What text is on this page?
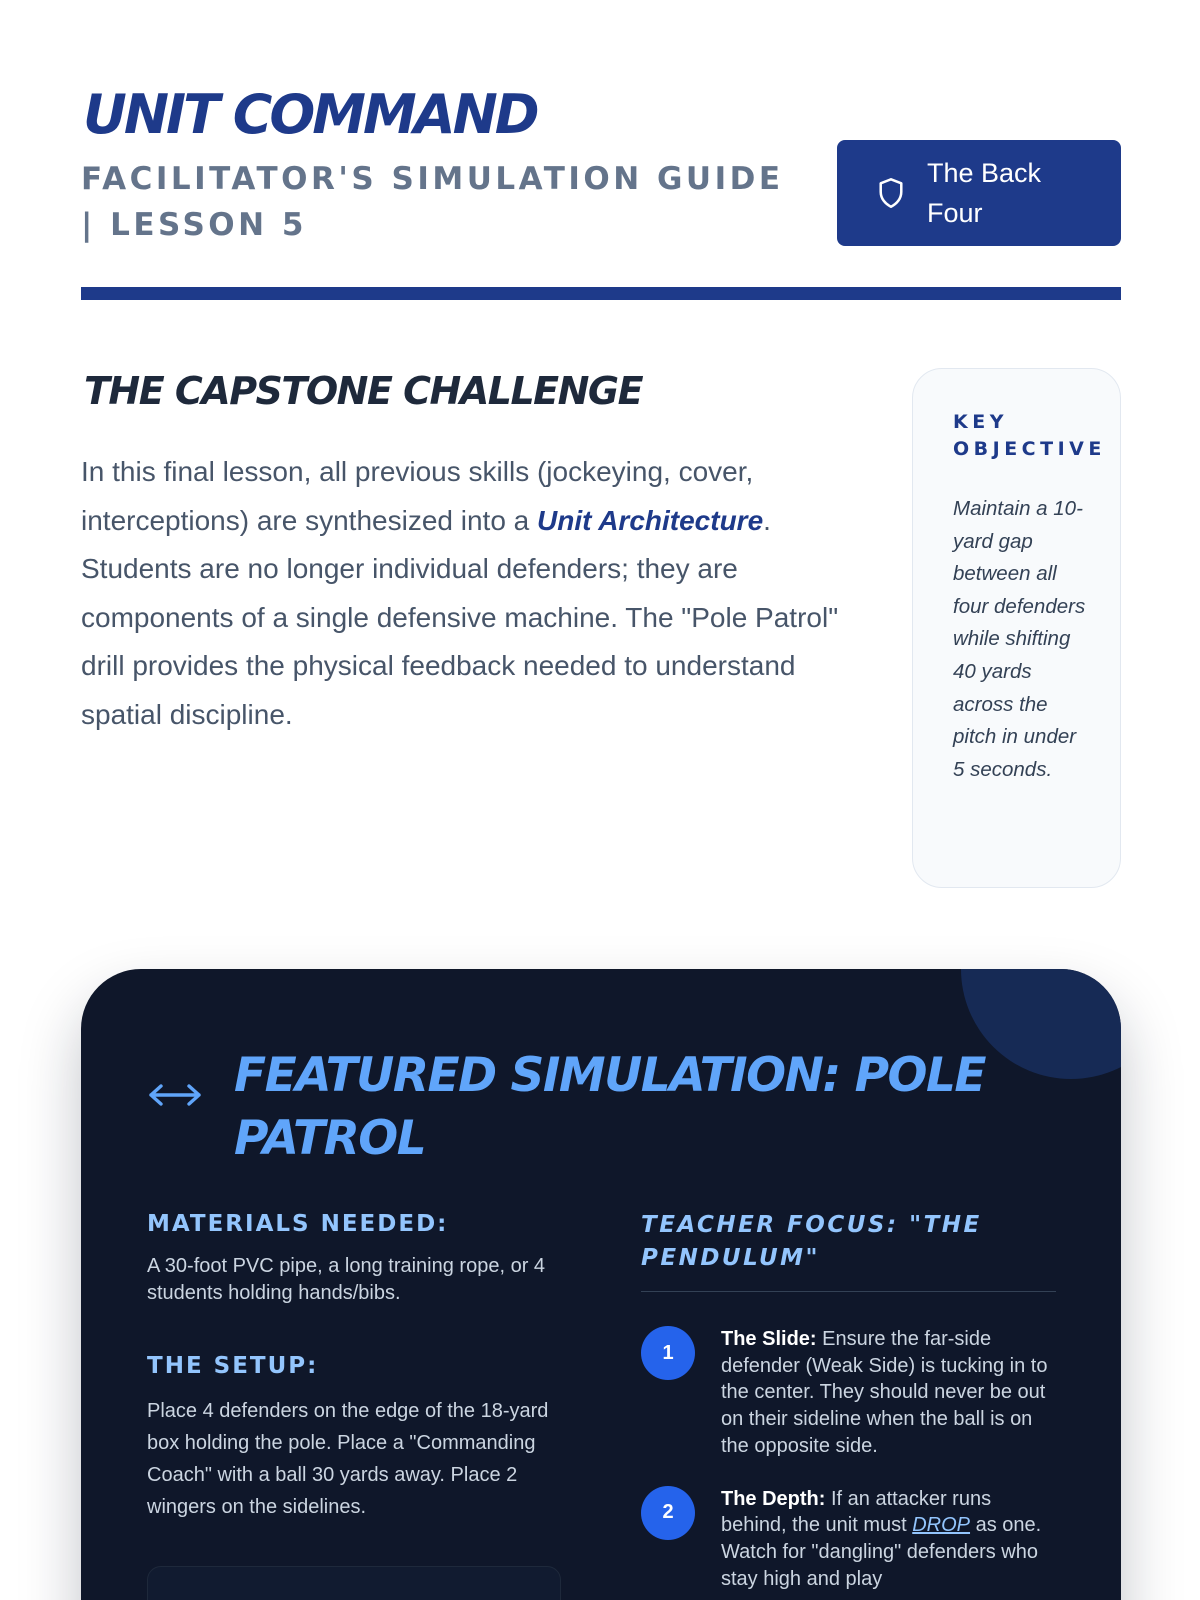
UNIT COMMAND
FACILITATOR'S SIMULATION GUIDE | LESSON 5
The Back Four
THE CAPSTONE CHALLENGE

In this final lesson, all previous skills (jockeying, cover, interceptions) are synthesized into a Unit Architecture. Students are no longer individual defenders; they are components of a single defensive machine. The "Pole Patrol" drill provides the physical feedback needed to understand spatial discipline.

KEY OBJECTIVE

Maintain a 10-yard gap between all four defenders while shifting 40 yards across the pitch in under 5 seconds.

FEATURED SIMULATION: POLE PATROL
MATERIALS NEEDED:

A 30-foot PVC pipe, a long training rope, or 4 students holding hands/bibs.

THE SETUP:

Place 4 defenders on the edge of the 18-yard box holding the pole. Place a "Commanding Coach" with a ball 30 yards away. Place 2 wingers on the sidelines.

TEACHER FOCUS: "THE PENDULUM"
1

The Slide: Ensure the far-side defender (Weak Side) is tucking in to the center. They should never be out on their sideline when the ball is on the opposite side.

2

The Depth: If an attacker runs behind, the unit must DROP as one. Watch for "dangling" defenders who stay high and play
